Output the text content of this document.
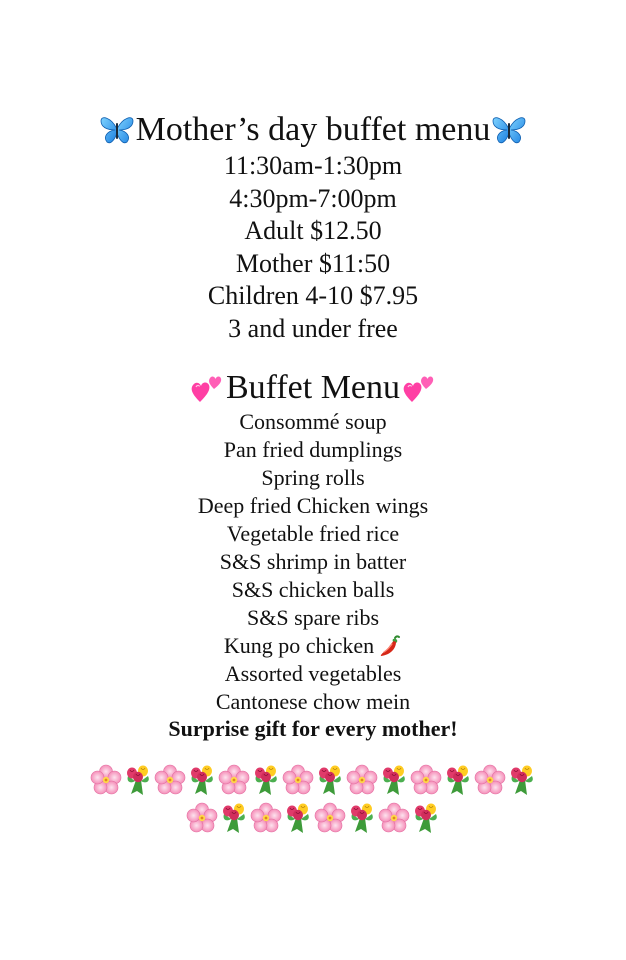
Mother’s day buffet menu
11:30am-1:30pm
4:30pm-7:00pm
Adult $12.50
Mother $11:50
Children 4-10 $7.95
3 and under free
Buffet Menu
Consommé soup
Pan fried dumplings
Spring rolls
Deep fried Chicken wings
Vegetable fried rice
S&S shrimp in batter
S&S chicken balls
S&S spare ribs
Kung po chicken
Assorted vegetables
Cantonese chow mein
Surprise gift for every mother!
